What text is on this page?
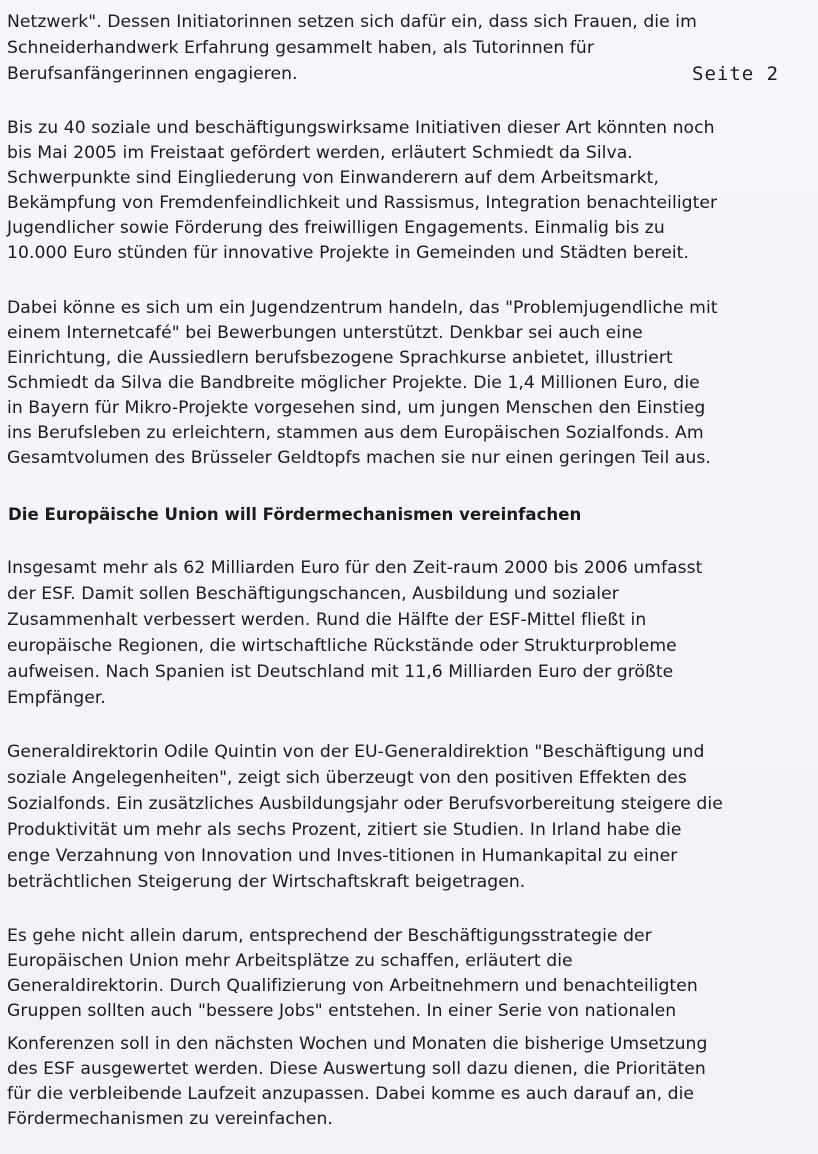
Netzwerk". Dessen Initiatorinnen setzen sich dafür ein, dass sich Frauen, die im
Schneiderhandwerk Erfahrung gesammelt haben, als Tutorinnen für
Berufsanfängerinnen engagieren.	Seite 2
Bis zu 40 soziale und beschäftigungswirksame Initiativen dieser Art könnten noch
bis Mai 2005 im Freistaat gefördert werden, erläutert Schmiedt da Silva.
Schwerpunkte sind Eingliederung von Einwanderern auf dem Arbeitsmarkt,
Bekämpfung von Fremdenfeindlichkeit und Rassismus, Integration benachteiligter
Jugendlicher sowie Förderung des freiwilligen Engagements. Einmalig bis zu
10.000 Euro stünden für innovative Projekte in Gemeinden und Städten bereit.
Dabei könne es sich um ein Jugendzentrum handeln, das "Problemjugendliche mit
einem Internetcafé" bei Bewerbungen unterstützt. Denkbar sei auch eine
Einrichtung, die Aussiedlern berufsbezogene Sprachkurse anbietet, illustriert
Schmiedt da Silva die Bandbreite möglicher Projekte. Die 1,4 Millionen Euro, die
in Bayern für Mikro-Projekte vorgesehen sind, um jungen Menschen den Einstieg
ins Berufsleben zu erleichtern, stammen aus dem Europäischen Sozialfonds. Am
Gesamtvolumen des Brüsseler Geldtopfs machen sie nur einen geringen Teil aus.
Die Europäische Union will Fördermechanismen vereinfachen
Insgesamt mehr als 62 Milliarden Euro für den Zeit-raum 2000 bis 2006 umfasst
der ESF. Damit sollen Beschäftigungschancen, Ausbildung und sozialer
Zusammenhalt verbessert werden. Rund die Hälfte der ESF-Mittel fließt in
europäische Regionen, die wirtschaftliche Rückstände oder Strukturprobleme
aufweisen. Nach Spanien ist Deutschland mit 11,6 Milliarden Euro der größte
Empfänger.
Generaldirektorin Odile Quintin von der EU-Generaldirektion "Beschäftigung und
soziale Angelegenheiten", zeigt sich überzeugt von den positiven Effekten des
Sozialfonds. Ein zusätzliches Ausbildungsjahr oder Berufsvorbereitung steigere die
Produktivität um mehr als sechs Prozent, zitiert sie Studien. In Irland habe die
enge Verzahnung von Innovation und Inves-titionen in Humankapital zu einer
beträchtlichen Steigerung der Wirtschaftskraft beigetragen.
Es gehe nicht allein darum, entsprechend der Beschäftigungsstrategie der
Europäischen Union mehr Arbeitsplätze zu schaffen, erläutert die
Generaldirektorin. Durch Qualifizierung von Arbeitnehmern und benachteiligten
Gruppen sollten auch "bessere Jobs" entstehen. In einer Serie von nationalen
Konferenzen soll in den nächsten Wochen und Monaten die bisherige Umsetzung
des ESF ausgewertet werden. Diese Auswertung soll dazu dienen, die Prioritäten
für die verbleibende Laufzeit anzupassen. Dabei komme es auch darauf an, die
Fördermechanismen zu vereinfachen.
